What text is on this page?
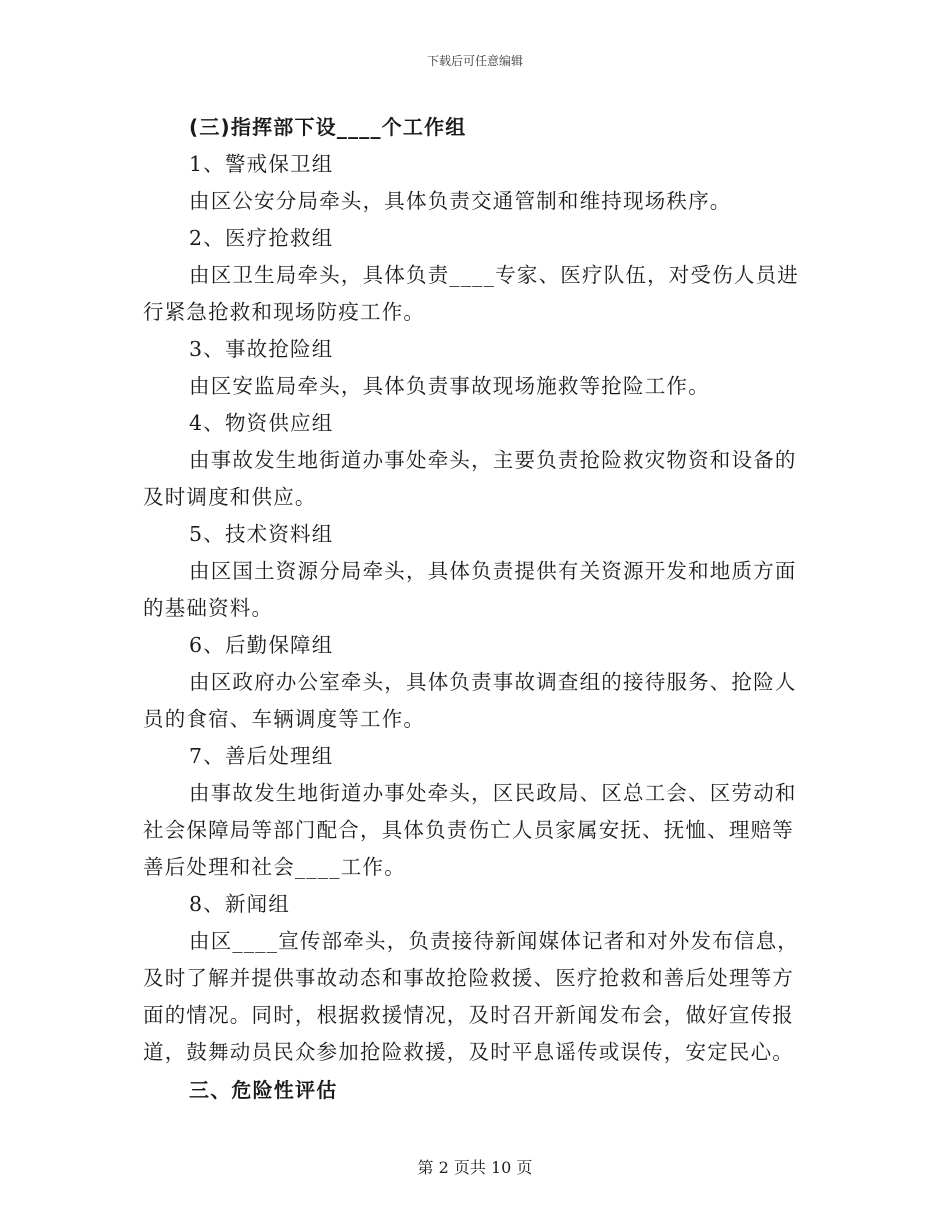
下载后可任意编辑
(三)指挥部下设____个工作组
1、警戒保卫组
由区公安分局牵头，具体负责交通管制和维持现场秩序。
2、医疗抢救组
由区卫生局牵头，具体负责____专家、医疗队伍，对受伤人员进
行紧急抢救和现场防疫工作。
3、事故抢险组
由区安监局牵头，具体负责事故现场施救等抢险工作。
4、物资供应组
由事故发生地街道办事处牵头，主要负责抢险救灾物资和设备的
及时调度和供应。
5、技术资料组
由区国土资源分局牵头，具体负责提供有关资源开发和地质方面
的基础资料。
6、后勤保障组
由区政府办公室牵头，具体负责事故调查组的接待服务、抢险人
员的食宿、车辆调度等工作。
7、善后处理组
由事故发生地街道办事处牵头，区民政局、区总工会、区劳动和
社会保障局等部门配合，具体负责伤亡人员家属安抚、抚恤、理赔等
善后处理和社会____工作。
8、新闻组
由区____宣传部牵头，负责接待新闻媒体记者和对外发布信息，
及时了解并提供事故动态和事故抢险救援、医疗抢救和善后处理等方
面的情况。同时，根据救援情况，及时召开新闻发布会，做好宣传报
道，鼓舞动员民众参加抢险救援，及时平息谣传或误传，安定民心。
三、危险性评估
第 2 页共 10 页
